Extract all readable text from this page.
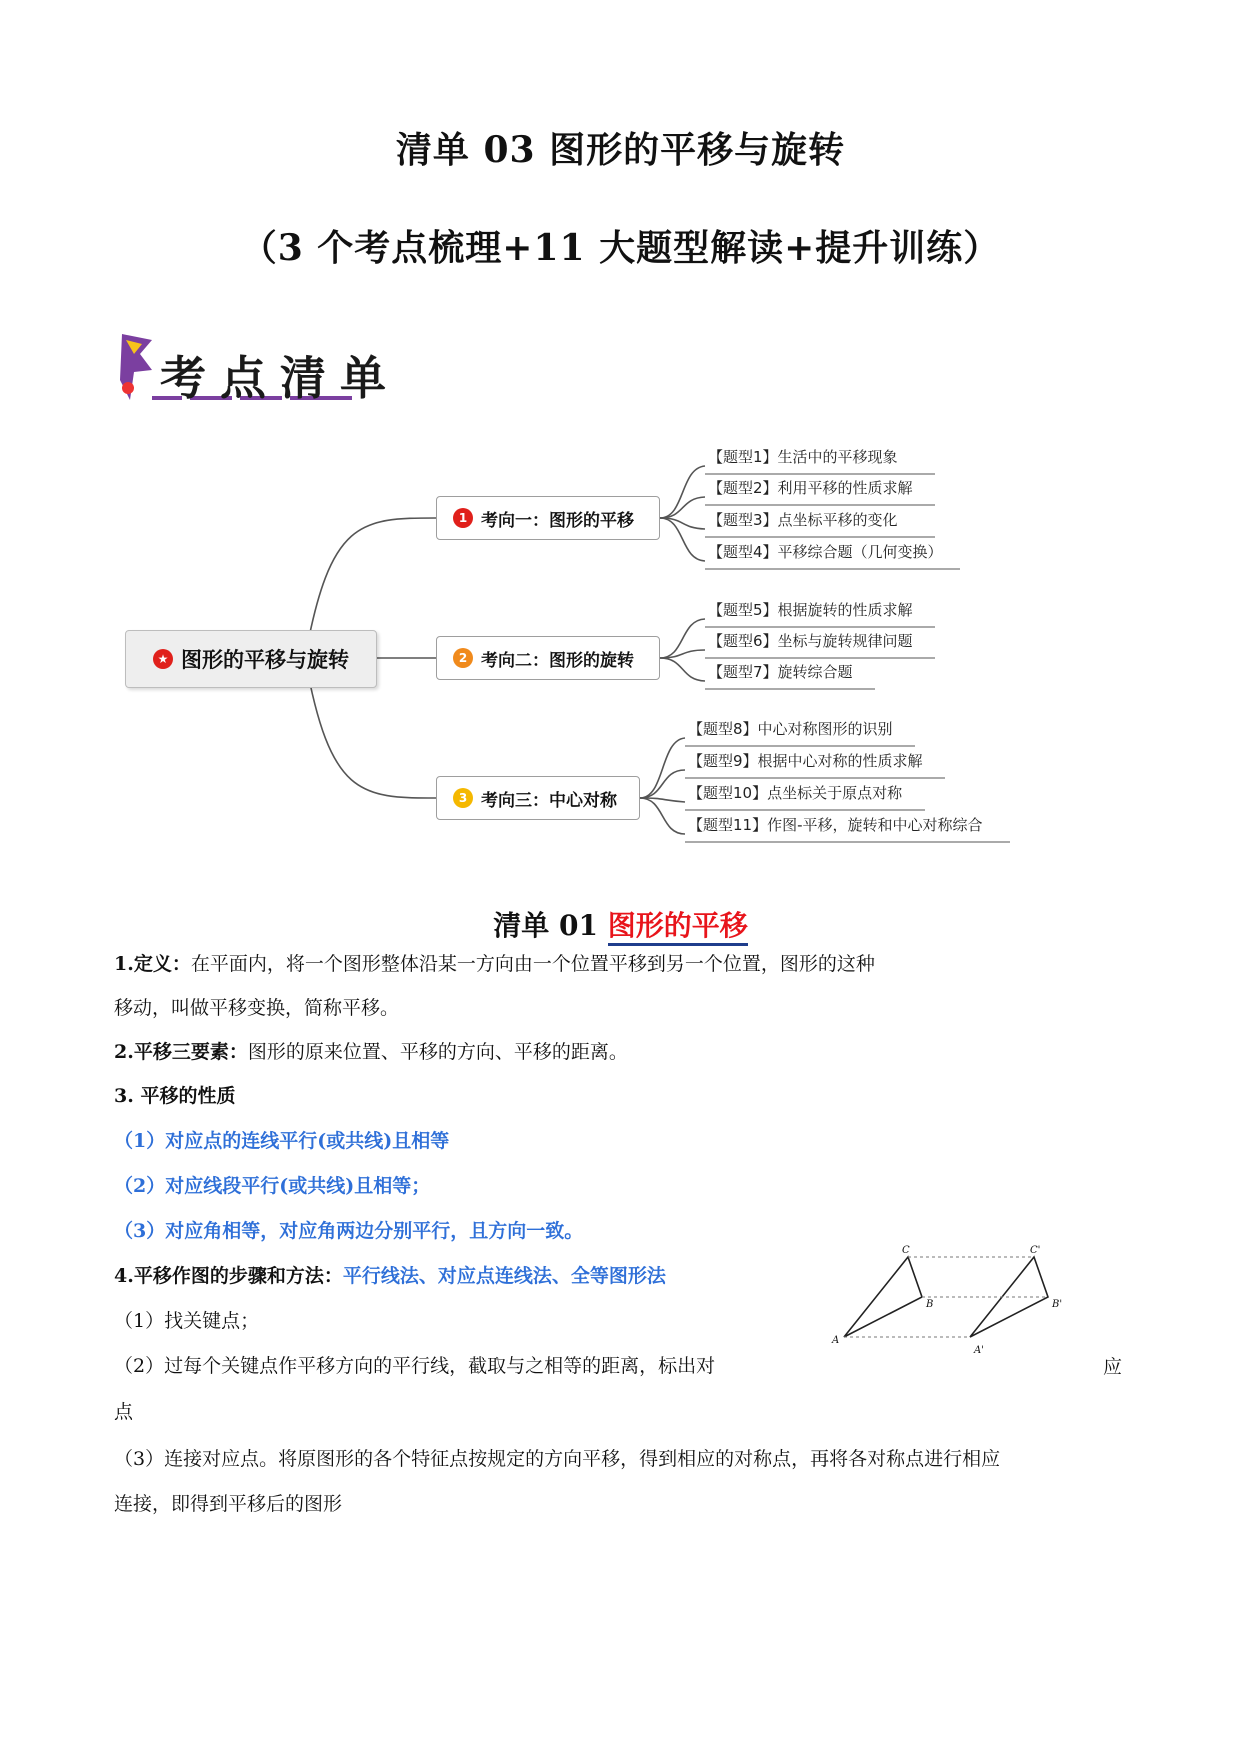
清单 03 图形的平移与旋转
（3 个考点梳理+11 大题型解读+提升训练）
考点清单
★ 图形的平移与旋转
1 考向一：图形的平移
2 考向二：图形的旋转
3 考向三：中心对称
【题型1】生活中的平移现象
【题型2】利用平移的性质求解
【题型3】点坐标平移的变化
【题型4】平移综合题（几何变换）
【题型5】根据旋转的性质求解
【题型6】坐标与旋转规律问题
【题型7】旋转综合题
【题型8】中心对称图形的识别
【题型9】根据中心对称的性质求解
【题型10】点坐标关于原点对称
【题型11】作图-平移，旋转和中心对称综合
清单 01 图形的平移
1.定义：在平面内，将一个图形整体沿某一方向由一个位置平移到另一个位置，图形的这种
移动，叫做平移变换，简称平移。
2.平移三要素：图形的原来位置、平移的方向、平移的距离。
3. 平移的性质
（1）对应点的连线平行(或共线)且相等
（2）对应线段平行(或共线)且相等；
（3）对应角相等，对应角两边分别平行，且方向一致。
4.平移作图的步骤和方法：平行线法、对应点连线法、全等图形法
（1）找关键点；
（2）过每个关键点作平移方向的平行线，截取与之相等的距离，标出对	应
点
（3）连接对应点。将原图形的各个特征点按规定的方向平移，得到相应的对称点，再将各对称点进行相应
连接，即得到平移后的图形
A
C
B
A'
C'
B'
